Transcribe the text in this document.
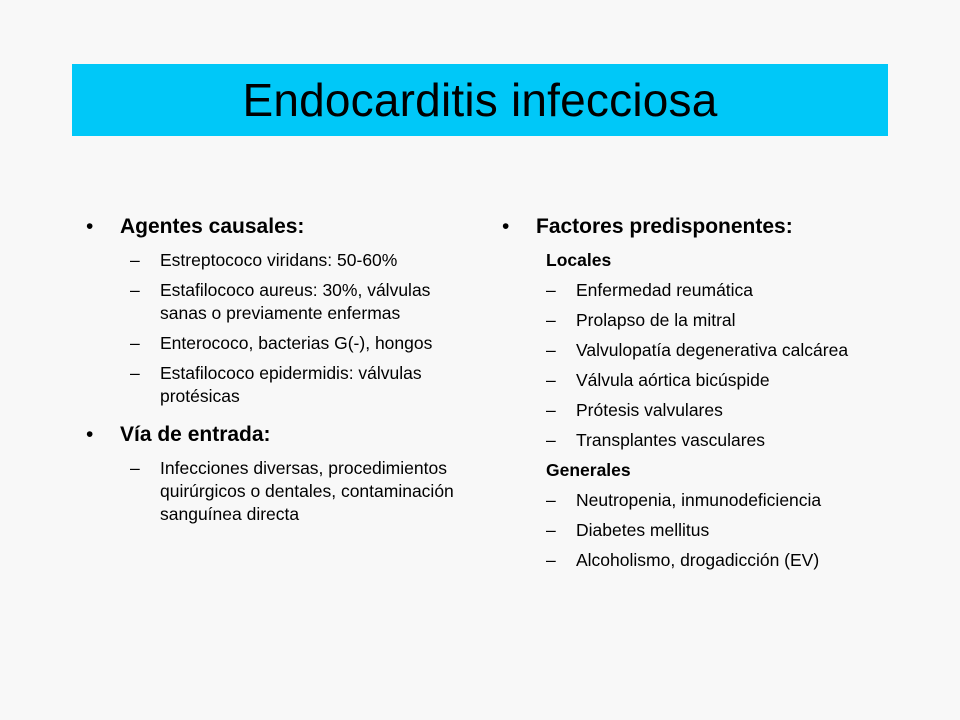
Endocarditis infecciosa
• Agentes causales:
– Estreptococo viridans: 50-60%
– Estafilococo aureus: 30%, válvulas sanas o previamente enfermas
– Enterococo, bacterias G(-), hongos
– Estafilococo epidermidis: válvulas protésicas
• Vía de entrada:
– Infecciones diversas, procedimientos quirúrgicos o dentales, contaminación sanguínea directa
• Factores predisponentes:
Locales
– Enfermedad reumática
– Prolapso de la mitral
– Valvulopatía degenerativa calcárea
– Válvula aórtica bicúspide
– Prótesis valvulares
– Transplantes vasculares
Generales
– Neutropenia, inmunodeficiencia
– Diabetes mellitus
– Alcoholismo, drogadicción (EV)
